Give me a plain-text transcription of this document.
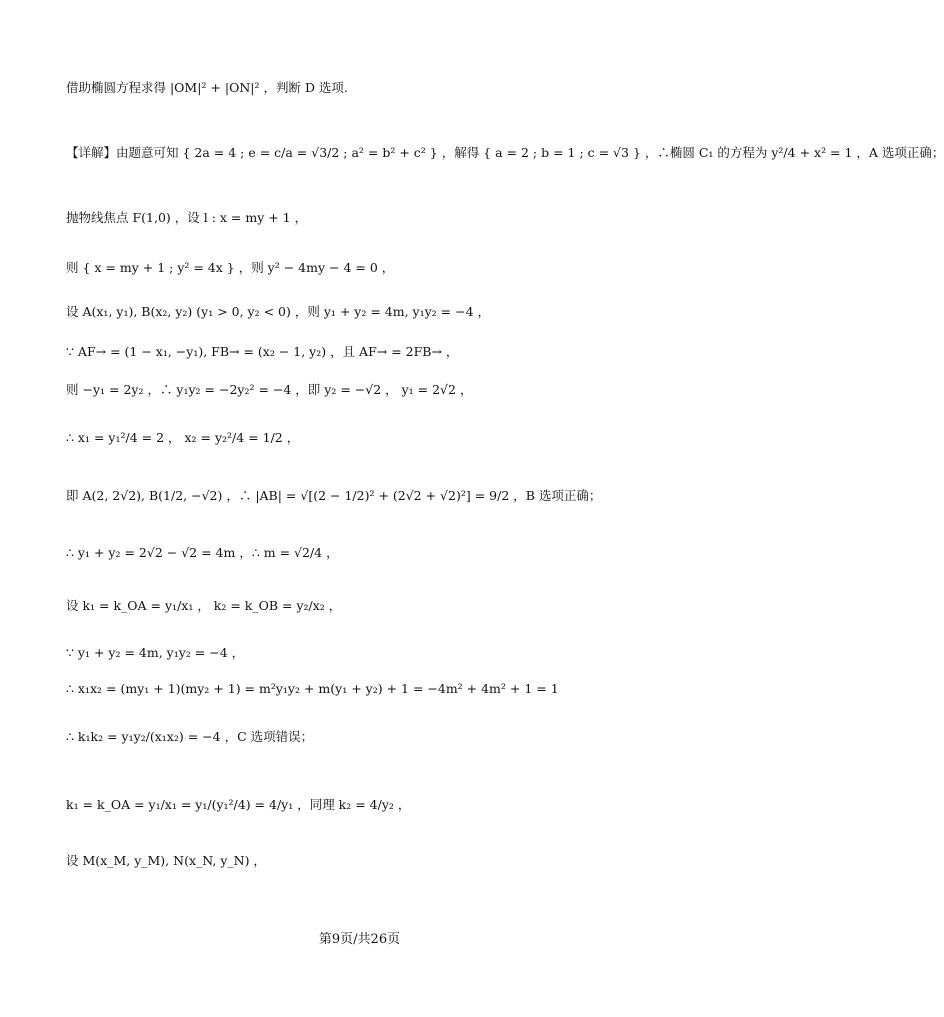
借助椭圆方程求得 |OM|² + |ON|² ，判断 D 选项.
【详解】由题意可知 { 2a = 4 ; e = c/a = √3/2 ; a² = b² + c² } ，解得 { a = 2 ; b = 1 ; c = √3 } ，∴椭圆 C₁ 的方程为 y²/4 + x² = 1 ，A 选项正确；
抛物线焦点 F(1,0) ，设 l : x = my + 1 ，
则 { x = my + 1 ; y² = 4x } ，则 y² − 4my − 4 = 0 ，
设 A(x₁, y₁), B(x₂, y₂) (y₁ > 0, y₂ < 0) ，则 y₁ + y₂ = 4m, y₁y₂ = −4 ，
∵ AF→ = (1 − x₁, −y₁), FB→ = (x₂ − 1, y₂) ，且 AF→ = 2FB→ ，
则 −y₁ = 2y₂ ，∴ y₁y₂ = −2y₂² = −4 ，即 y₂ = −√2 ， y₁ = 2√2 ，
∴ x₁ = y₁²/4 = 2 ， x₂ = y₂²/4 = 1/2 ，
即 A(2, 2√2), B(1/2, −√2) ，∴ |AB| = √[(2 − 1/2)² + (2√2 + √2)²] = 9/2 ，B 选项正确；
∴ y₁ + y₂ = 2√2 − √2 = 4m ，∴ m = √2/4 ，
设 k₁ = k_OA = y₁/x₁ ， k₂ = k_OB = y₂/x₂ ，
∵ y₁ + y₂ = 4m, y₁y₂ = −4 ，
∴ x₁x₂ = (my₁ + 1)(my₂ + 1) = m²y₁y₂ + m(y₁ + y₂) + 1 = −4m² + 4m² + 1 = 1
∴ k₁k₂ = y₁y₂/(x₁x₂) = −4 ，C 选项错误；
k₁ = k_OA = y₁/x₁ = y₁/(y₁²/4) = 4/y₁ ，同理 k₂ = 4/y₂ ，
设 M(x_M, y_M), N(x_N, y_N) ，
第9页/共26页
